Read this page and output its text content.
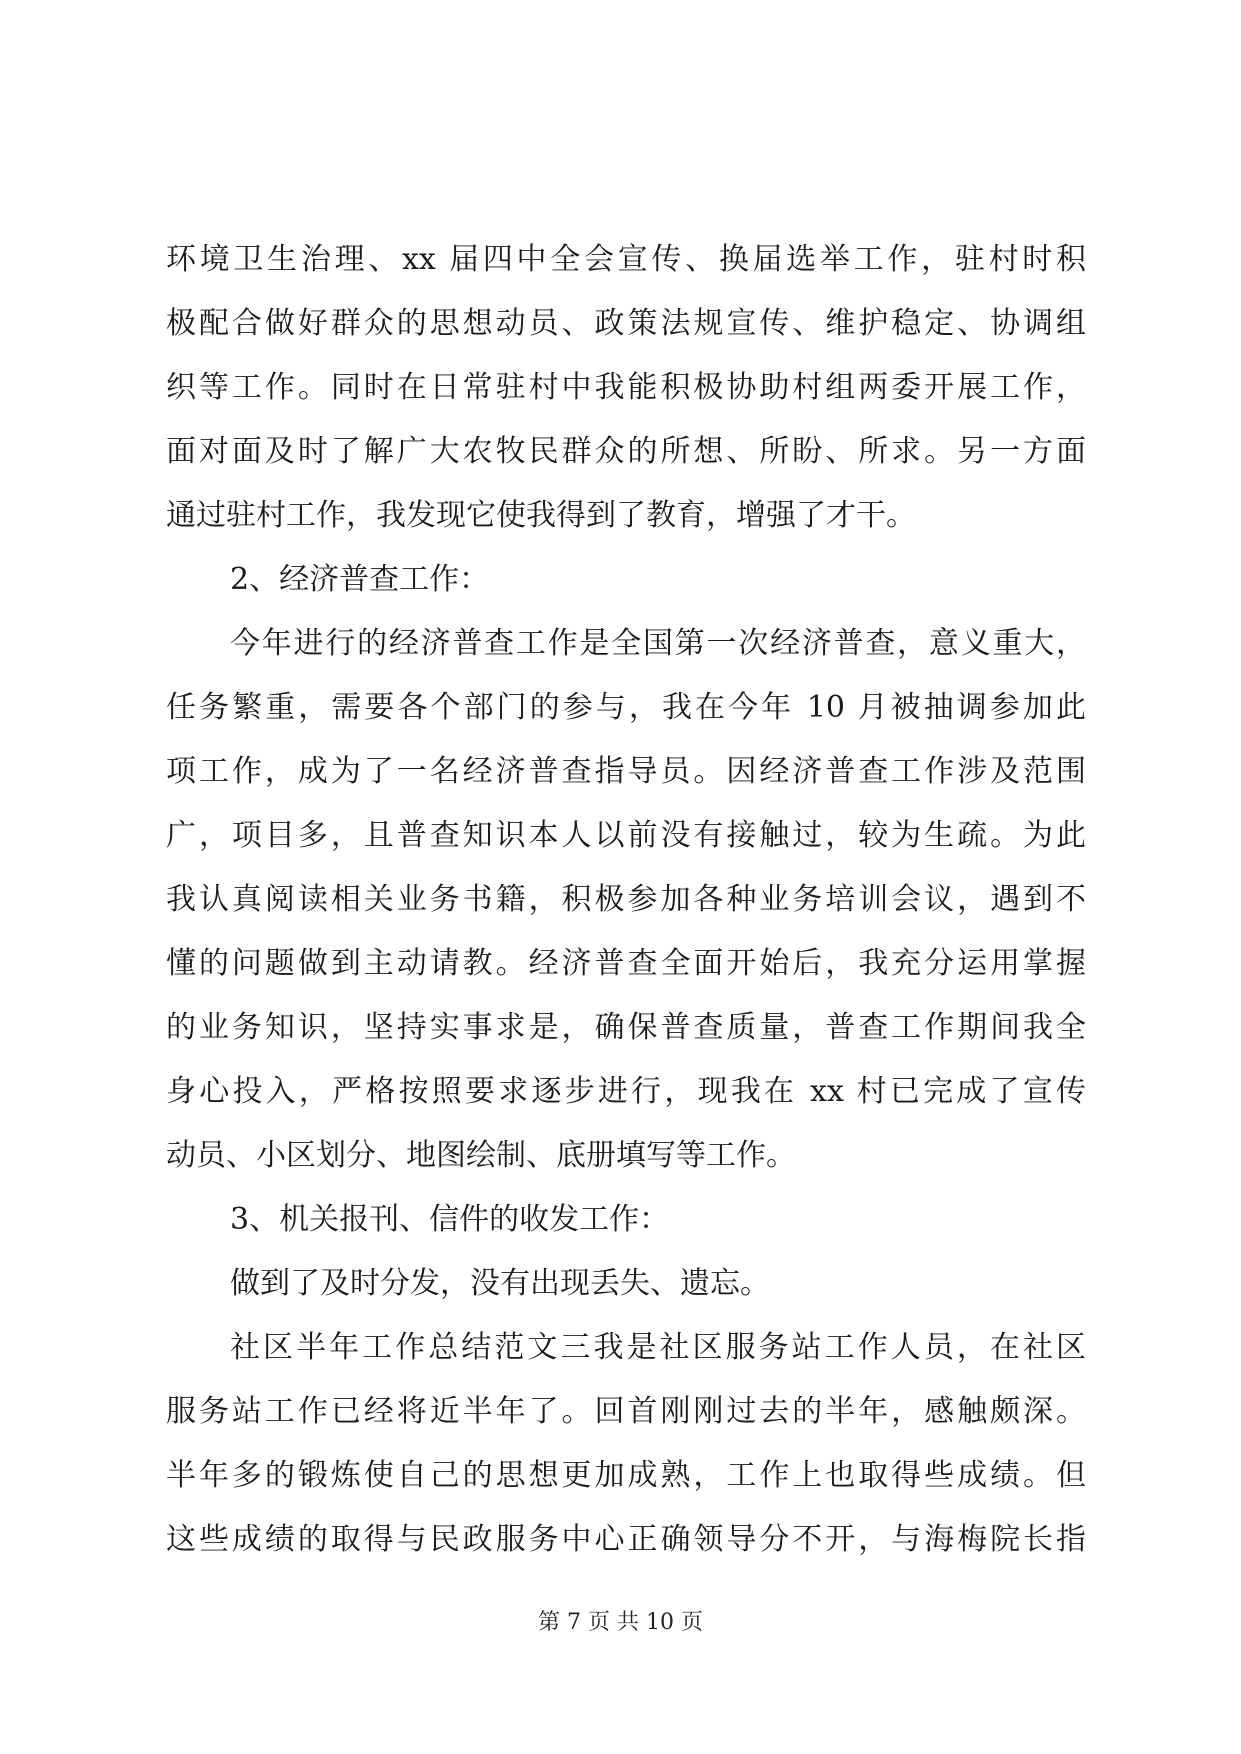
环境卫生治理、xx 届四中全会宣传、换届选举工作，驻村时积
极配合做好群众的思想动员、政策法规宣传、维护稳定、协调组
织等工作。同时在日常驻村中我能积极协助村组两委开展工作，
面对面及时了解广大农牧民群众的所想、所盼、所求。另一方面
通过驻村工作，我发现它使我得到了教育，增强了才干。
2、经济普查工作：
今年进行的经济普查工作是全国第一次经济普查，意义重大，
任务繁重，需要各个部门的参与，我在今年 10 月被抽调参加此
项工作，成为了一名经济普查指导员。因经济普查工作涉及范围
广，项目多，且普查知识本人以前没有接触过，较为生疏。为此
我认真阅读相关业务书籍，积极参加各种业务培训会议，遇到不
懂的问题做到主动请教。经济普查全面开始后，我充分运用掌握
的业务知识，坚持实事求是，确保普查质量，普查工作期间我全
身心投入，严格按照要求逐步进行，现我在 xx 村已完成了宣传
动员、小区划分、地图绘制、底册填写等工作。
3、机关报刊、信件的收发工作：
做到了及时分发，没有出现丢失、遗忘。
社区半年工作总结范文三我是社区服务站工作人员，在社区
服务站工作已经将近半年了。回首刚刚过去的半年，感触颇深。
半年多的锻炼使自己的思想更加成熟，工作上也取得些成绩。但
这些成绩的取得与民政服务中心正确领导分不开，与海梅院长指
第 7 页 共 10 页
